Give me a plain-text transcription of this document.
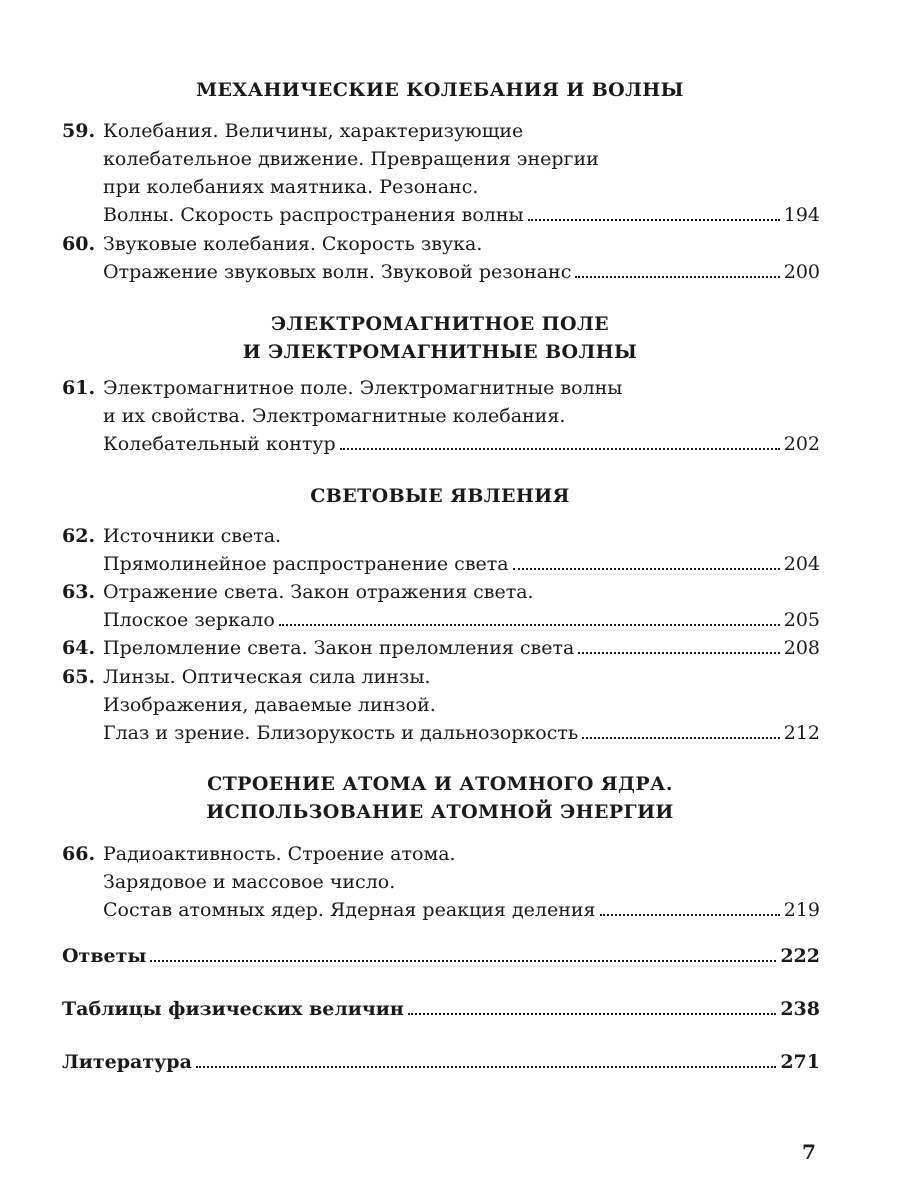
МЕХАНИЧЕСКИЕ КОЛЕБАНИЯ И ВОЛНЫ
59. Колебания. Величины, характеризующие
колебательное движение. Превращения энергии
при колебаниях маятника. Резонанс.
Волны. Скорость распространения волны	194
60. Звуковые колебания. Скорость звука.
Отражение звуковых волн. Звуковой резонанс	200
ЭЛЕКТРОМАГНИТНОЕ ПОЛЕ
И ЭЛЕКТРОМАГНИТНЫЕ ВОЛНЫ
61. Электромагнитное поле. Электромагнитные волны
и их свойства. Электромагнитные колебания.
Колебательный контур	202
СВЕТОВЫЕ ЯВЛЕНИЯ
62. Источники света.
Прямолинейное распространение света	204
63. Отражение света. Закон отражения света.
Плоское зеркало	205
64. Преломление света. Закон преломления света	208
65. Линзы. Оптическая сила линзы.
Изображения, даваемые линзой.
Глаз и зрение. Близорукость и дальнозоркость	212
СТРОЕНИЕ АТОМА И АТОМНОГО ЯДРА.
ИСПОЛЬЗОВАНИЕ АТОМНОЙ ЭНЕРГИИ
66. Радиоактивность. Строение атома.
Зарядовое и массовое число.
Состав атомных ядер. Ядерная реакция деления	219
Ответы	222
Таблицы физических величин	238
Литература	271
7
